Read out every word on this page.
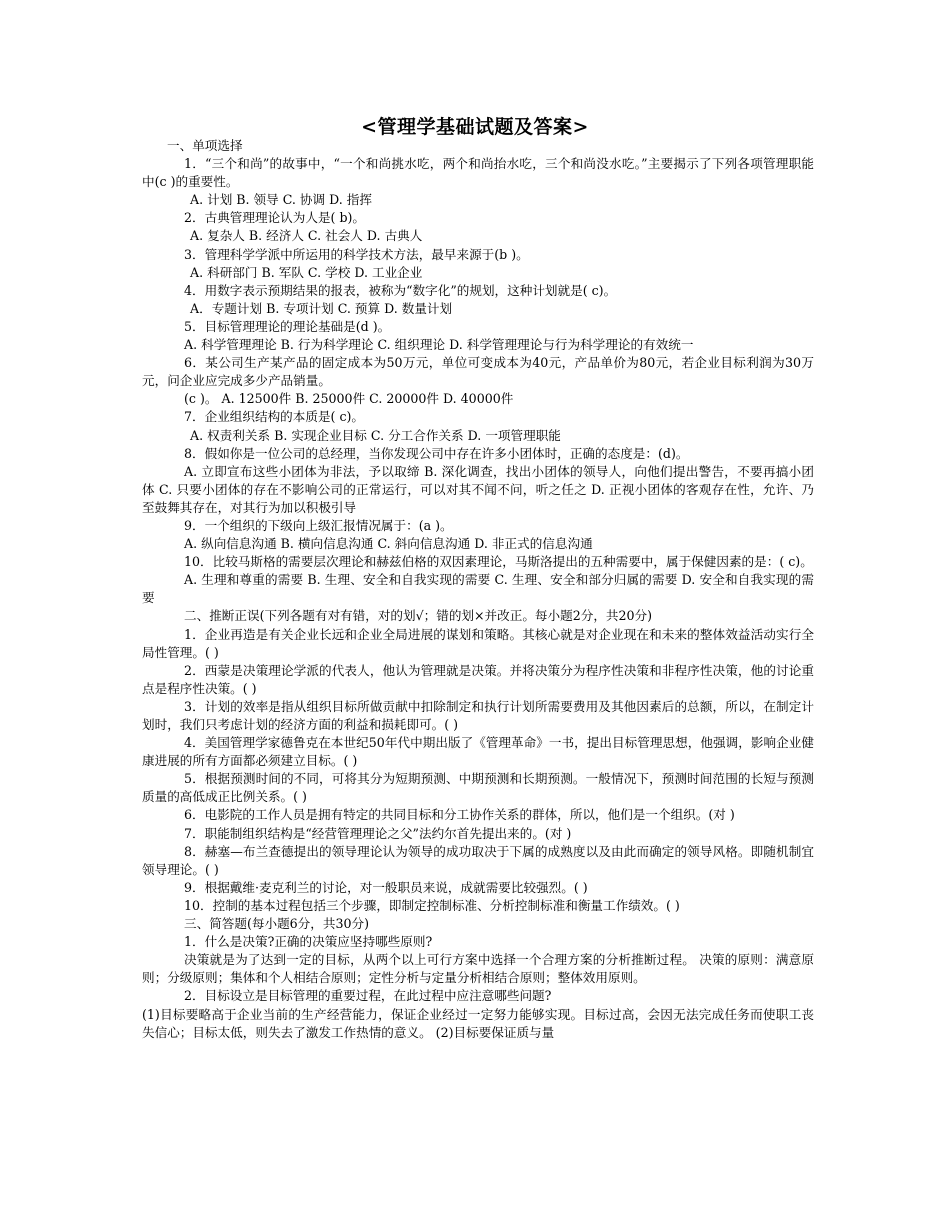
<管理学基础试题及答案>

一、单项选择

1．“三个和尚”的故事中，“一个和尚挑水吃，两个和尚抬水吃，三个和尚没水吃。”主要揭示了下列各项管理职能中(c )的重要性。

A. 计划 B. 领导 C. 协调 D. 指挥

2．古典管理理论认为人是( b)。

A. 复杂人 B. 经济人 C. 社会人 D. 古典人

3．管理科学学派中所运用的科学技术方法，最早来源于(b )。

A. 科研部门 B. 军队 C. 学校 D. 工业企业

4．用数字表示预期结果的报表，被称为“数字化”的规划，这种计划就是( c)。

A．专题计划 B. 专项计划 C. 预算 D. 数量计划

5．目标管理理论的理论基础是(d )。

A. 科学管理理论 B. 行为科学理论 C. 组织理论 D. 科学管理理论与行为科学理论的有效统一

6．某公司生产某产品的固定成本为50万元，单位可变成本为40元，产品单价为80元，若企业目标利润为30万元，问企业应完成多少产品销量。

(c )。 A. 12500件 B. 25000件 C. 20000件 D. 40000件

7．企业组织结构的本质是( c)。

A. 权责利关系 B. 实现企业目标 C. 分工合作关系 D. 一项管理职能

8．假如你是一位公司的总经理，当你发现公司中存在许多小团体时，正确的态度是：(d)。

A. 立即宣布这些小团体为非法，予以取缔 B. 深化调查，找出小团体的领导人，向他们提出警告，不要再搞小团体 C. 只要小团体的存在不影响公司的正常运行，可以对其不闻不问，听之任之 D. 正视小团体的客观存在性，允许、乃至鼓舞其存在，对其行为加以积极引导

9．一个组织的下级向上级汇报情况属于：(a )。

A. 纵向信息沟通 B. 横向信息沟通 C. 斜向信息沟通 D. 非正式的信息沟通

10．比较马斯格的需要层次理论和赫兹伯格的双因素理论，马斯洛提出的五种需要中，属于保健因素的是：( c)。

A. 生理和尊重的需要 B. 生理、安全和自我实现的需要 C. 生理、安全和部分归属的需要 D. 安全和自我实现的需要

二、推断正误(下列各题有对有错，对的划√；错的划×并改正。每小题2分，共20分)

1．企业再造是有关企业长远和企业全局进展的谋划和策略。其核心就是对企业现在和未来的整体效益活动实行全局性管理。( )

2．西蒙是决策理论学派的代表人，他认为管理就是决策。并将决策分为程序性决策和非程序性决策，他的讨论重点是程序性决策。( )

3．计划的效率是指从组织目标所做贡献中扣除制定和执行计划所需要费用及其他因素后的总额，所以，在制定计划时，我们只考虑计划的经济方面的利益和损耗即可。( )

4．美国管理学家德鲁克在本世纪50年代中期出版了《管理革命》一书，提出目标管理思想，他强调，影响企业健康进展的所有方面都必须建立目标。( )

5．根据预测时间的不同，可将其分为短期预测、中期预测和长期预测。一般情况下，预测时间范围的长短与预测质量的高低成正比例关系。( )

6．电影院的工作人员是拥有特定的共同目标和分工协作关系的群体，所以，他们是一个组织。(对 )

7．职能制组织结构是“经营管理理论之父”法约尔首先提出来的。(对 )

8．赫塞—布兰查德提出的领导理论认为领导的成功取决于下属的成熟度以及由此而确定的领导风格。即随机制宜领导理论。( )

9．根据戴维·麦克利兰的讨论，对一般职员来说，成就需要比较强烈。( )

10．控制的基本过程包括三个步骤，即制定控制标准、分析控制标准和衡量工作绩效。( )

三、简答题(每小题6分，共30分)

1．什么是决策?正确的决策应坚持哪些原则?

决策就是为了达到一定的目标，从两个以上可行方案中选择一个合理方案的分析推断过程。 决策的原则：满意原则；分级原则；集体和个人相结合原则；定性分析与定量分析相结合原则；整体效用原则。

2．目标设立是目标管理的重要过程，在此过程中应注意哪些问题?

(1)目标要略高于企业当前的生产经营能力，保证企业经过一定努力能够实现。目标过高，会因无法完成任务而使职工丧失信心；目标太低，则失去了激发工作热情的意义。 (2)目标要保证质与量
